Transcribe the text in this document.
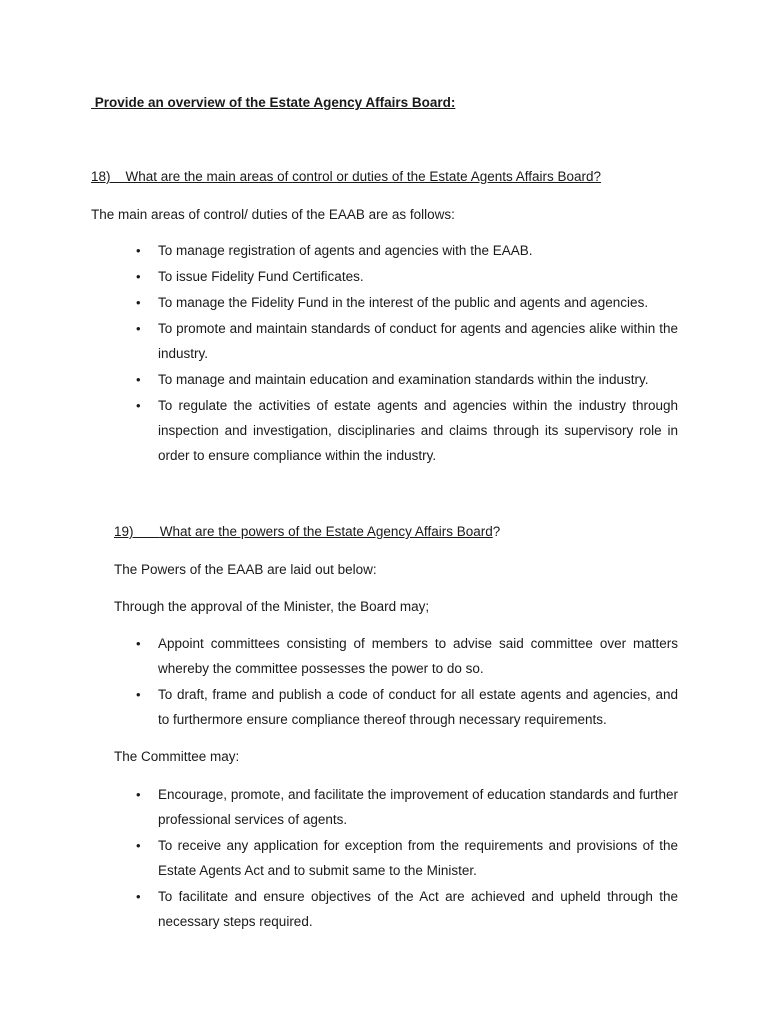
Provide an overview of the Estate Agency Affairs Board:
18)    What are the main areas of control or duties of the Estate Agents Affairs Board?
The main areas of control/ duties of the EAAB are as follows:
• To manage registration of agents and agencies with the EAAB.
• To issue Fidelity Fund Certificates.
• To manage the Fidelity Fund in the interest of the public and agents and agencies.
• To promote and maintain standards of conduct for agents and agencies alike within the industry.
• To manage and maintain education and examination standards within the industry.
• To regulate the activities of estate agents and agencies within the industry through inspection and investigation, disciplinaries and claims through its supervisory role in order to ensure compliance within the industry.
19) What are the powers of the Estate Agency Affairs Board?
The Powers of the EAAB are laid out below:
Through the approval of the Minister, the Board may;
• Appoint committees consisting of members to advise said committee over matters whereby the committee possesses the power to do so.
• To draft, frame and publish a code of conduct for all estate agents and agencies, and to furthermore ensure compliance thereof through necessary requirements.
The Committee may:
• Encourage, promote, and facilitate the improvement of education standards and further professional services of agents.
• To receive any application for exception from the requirements and provisions of the Estate Agents Act and to submit same to the Minister.
• To facilitate and ensure objectives of the Act are achieved and upheld through the necessary steps required.
